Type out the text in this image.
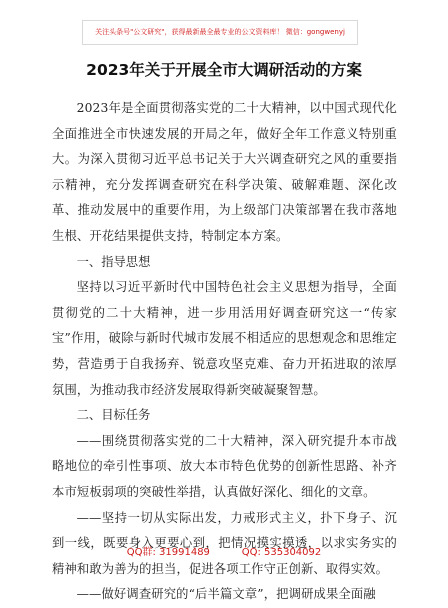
关注头条号"公文研究"，获得最新最全最专业的公文资料库！ 微信：gongwenyj
2023年关于开展全市大调研活动的方案

2023年是全面贯彻落实党的二十大精神，以中国式现代化全面推进全市快速发展的开局之年，做好全年工作意义特别重大。为深入贯彻习近平总书记关于大兴调查研究之风的重要指示精神，充分发挥调查研究在科学决策、破解难题、深化改革、推动发展中的重要作用，为上级部门决策部署在我市落地生根、开花结果提供支持，特制定本方案。

一、指导思想

坚持以习近平新时代中国特色社会主义思想为指导，全面贯彻党的二十大精神，进一步用活用好调查研究这一“传家宝”作用，破除与新时代城市发展不相适应的思想观念和思维定势，营造勇于自我扬弃、锐意攻坚克难、奋力开拓进取的浓厚氛围，为推动我市经济发展取得新突破凝聚智慧。

二、目标任务

——围绕贯彻落实党的二十大精神，深入研究提升本市战略地位的牵引性事项、放大本市特色优势的创新性思路、补齐本市短板弱项的突破性举措，认真做好深化、细化的文章。

——坚持一切从实际出发，力戒形式主义，扑下身子、沉到一线，既要身入更要心到，把情况摸实摸透，以求实务实的精神和敢为善为的担当，促进各项工作守正创新、取得实效。

——做好调查研究的“后半篇文章”，把调研成果全面融

QQ群: 31991489          QQ: 535304092
